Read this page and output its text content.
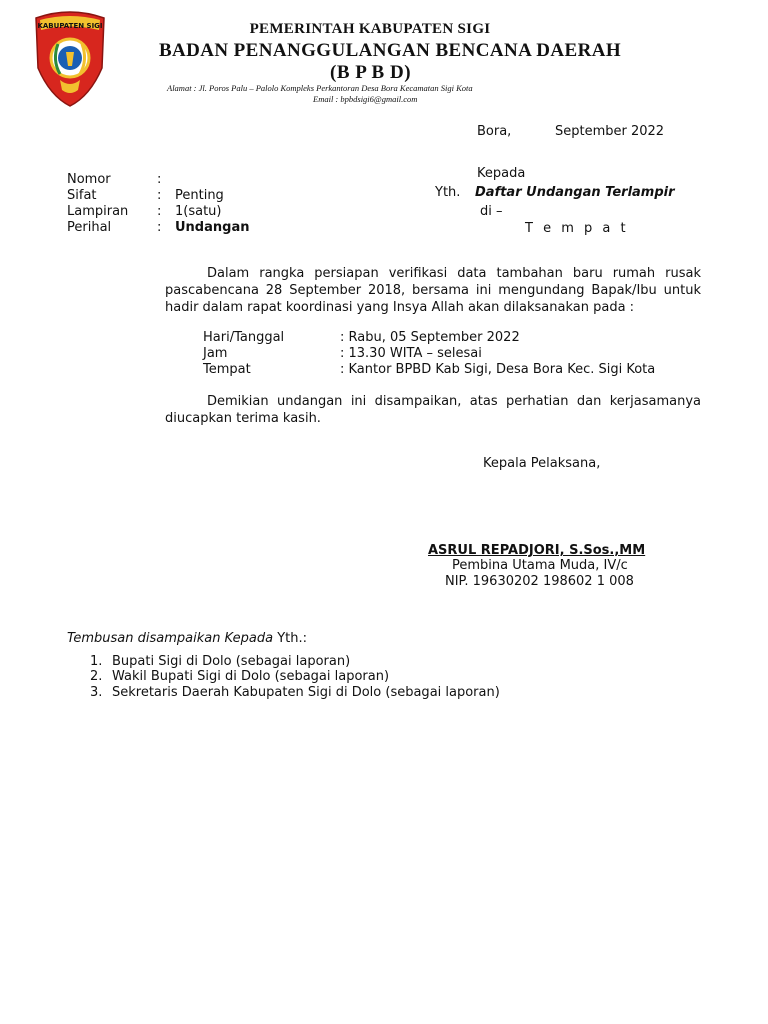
KABUPATEN SIGI	PEMERINTAH KABUPATEN SIGI
BADAN PENANGGULANGAN BENCANA DAERAH
(B P B D)
Alamat : Jl. Poros Palu – Palolo Kompleks Perkantoran Desa Bora Kecamatan Sigi Kota
Email : bpbdsigi6@gmail.com
Bora,	September 2022
Nomor	:
Sifat	: Penting
Lampiran : 1(satu)
Perihal	: Undangan
Kepada
Yth. Daftar Undangan Terlampir
di –
T e m p a t
Dalam rangka persiapan verifikasi data tambahan baru rumah rusak
pascabencana 28 September 2018, bersama ini mengundang Bapak/Ibu untuk
hadir dalam rapat koordinasi yang Insya Allah akan dilaksanakan pada :
Hari/Tanggal	: Rabu, 05 September 2022
Jam	: 13.30 WITA – selesai
Tempat	: Kantor BPBD Kab Sigi, Desa Bora Kec. Sigi Kota
Demikian undangan ini disampaikan, atas perhatian dan kerjasamanya
diucapkan terima kasih.
Kepala Pelaksana,
ASRUL REPADJORI, S.Sos.,MM
Pembina Utama Muda, IV/c
NIP. 19630202 198602 1 008
Tembusan disampaikan Kepada Yth.:
1. Bupati Sigi di Dolo (sebagai laporan)
2. Wakil Bupati Sigi di Dolo (sebagai laporan)
3. Sekretaris Daerah Kabupaten Sigi di Dolo (sebagai laporan)
